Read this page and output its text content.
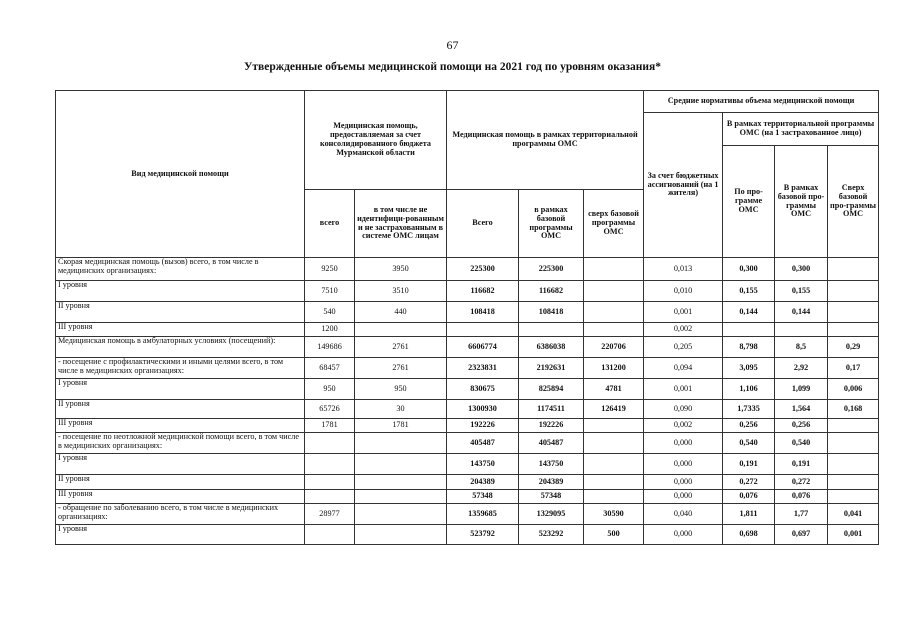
67
Утвержденные объемы медицинской помощи на 2021 год по уровням оказания*
Вид медицинской помощи	Медицинская помощь, предоставляемая за счет консолидированного бюджета Мурманской области		Медицинская помощь в рамках территориальной программы ОМС			Средние нормативы объема медицинской помощи			
						За счет бюджетных ассигнований (на 1 жителя)	В рамках территориальной программы ОМС (на 1 застрахованное лицо)		
							По про-грамме ОМС	В рамках базовой про-граммы ОМС	Сверх базовой про-граммы ОМС
	всего	в том числе не идентифици-рованным и не застрахованным в системе ОМС лицам	Всего	в рамках базовой программы ОМС	сверх базовой программы ОМС				
Скорая медицинская помощь (вызов) всего, в том числе в медицинских организациях:	9250	3950	225300	225300		0,013	0,300	0,300	
I уровня	7510	3510	116682	116682		0,010	0,155	0,155	
II уровня	540	440	108418	108418		0,001	0,144	0,144	
III уровня	1200					0,002			
Медицинская помощь в амбулаторных условиях (посещений):	149686	2761	6606774	6386038	220706	0,205	8,798	8,5	0,29
- посещение с профилактическими и иными целями всего, в том числе в медицинских организациях:	68457	2761	2323831	2192631	131200	0,094	3,095	2,92	0,17
I уровня	950	950	830675	825894	4781	0,001	1,106	1,099	0,006
II уровня	65726	30	1300930	1174511	126419	0,090	1,7335	1,564	0,168
III уровня	1781	1781	192226	192226		0,002	0,256	0,256	
- посещение по неотложной медицинской помощи всего, в том числе в медицинских организациях:			405487	405487		0,000	0,540	0,540	
I уровня			143750	143750		0,000	0,191	0,191	
II уровня			204389	204389		0,000	0,272	0,272	
III уровня			57348	57348		0,000	0,076	0,076	
- обращение по заболеванию всего, в том числе в медицинских организациях:	28977		1359685	1329095	30590	0,040	1,811	1,77	0,041
I уровня			523792	523292	500	0,000	0,698	0,697	0,001
